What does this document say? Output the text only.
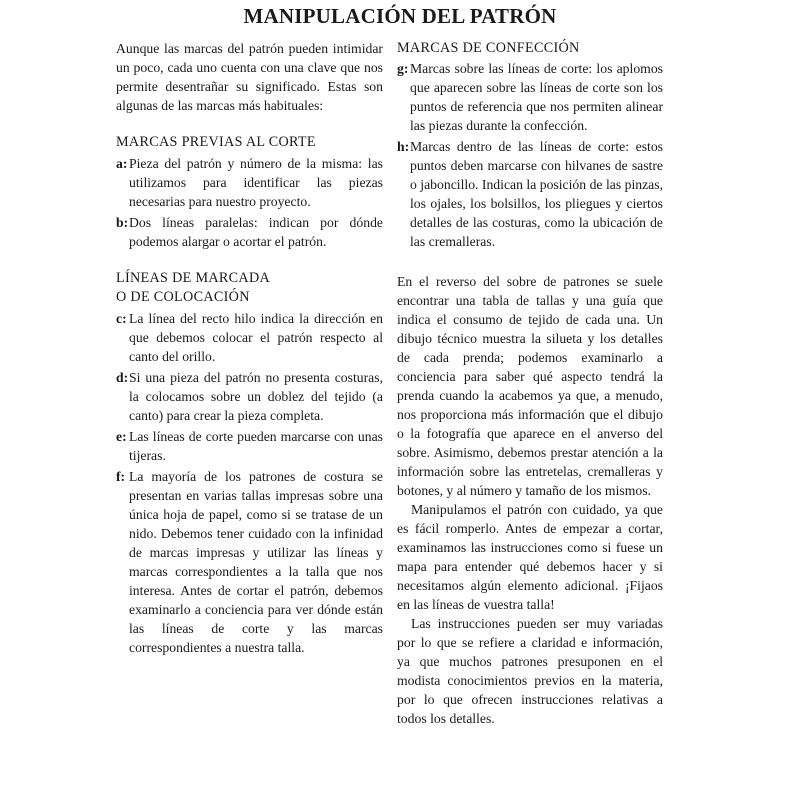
MANIPULACIÓN DEL PATRÓN

Aunque las marcas del patrón pueden intimidar un poco, cada uno cuenta con una clave que nos permite desentrañar su significado. Estas son algunas de las marcas más habituales:

MARCAS PREVIAS AL CORTE
a: Pieza del patrón y número de la misma: las utilizamos para identificar las piezas necesarias para nuestro proyecto.
b: Dos líneas paralelas: indican por dónde podemos alargar o acortar el patrón.
LÍNEAS DE MARCADA
O DE COLOCACIÓN
c: La línea del recto hilo indica la dirección en que debemos colocar el patrón respecto al canto del orillo.
d: Si una pieza del patrón no presenta costuras, la colocamos sobre un doblez del tejido (a canto) para crear la pieza completa.
e: Las líneas de corte pueden marcarse con unas tijeras.
f: La mayoría de los patrones de costura se presentan en varias tallas impresas sobre una única hoja de papel, como si se tratase de un nido. Debemos tener cuidado con la infinidad de marcas impresas y utilizar las líneas y marcas correspondientes a la talla que nos interesa. Antes de cortar el patrón, debemos examinarlo a conciencia para ver dónde están las líneas de corte y las marcas correspondientes a nuestra talla.
MARCAS DE CONFECCIÓN
g: Marcas sobre las líneas de corte: los aplomos que aparecen sobre las líneas de corte son los puntos de referencia que nos permiten alinear las piezas durante la confección.
h: Marcas dentro de las líneas de corte: estos puntos deben marcarse con hilvanes de sastre o jaboncillo. Indican la posición de las pinzas, los ojales, los bolsillos, los pliegues y ciertos detalles de las costuras, como la ubicación de las cremalleras.

En el reverso del sobre de patrones se suele encontrar una tabla de tallas y una guía que indica el consumo de tejido de cada una. Un dibujo técnico muestra la silueta y los detalles de cada prenda; podemos examinarlo a conciencia para saber qué aspecto tendrá la prenda cuando la acabemos ya que, a menudo, nos proporciona más información que el dibujo o la fotografía que aparece en el anverso del sobre. Asimismo, debemos prestar atención a la información sobre las entretelas, cremalleras y botones, y al número y tamaño de los mismos.

Manipulamos el patrón con cuidado, ya que es fácil romperlo. Antes de empezar a cortar, examinamos las instrucciones como si fuese un mapa para entender qué debemos hacer y si necesitamos algún elemento adicional. ¡Fijaos en las líneas de vuestra talla!

Las instrucciones pueden ser muy variadas por lo que se refiere a claridad e información, ya que muchos patrones presuponen en el modista conocimientos previos en la materia, por lo que ofrecen instrucciones relativas a todos los detalles.
